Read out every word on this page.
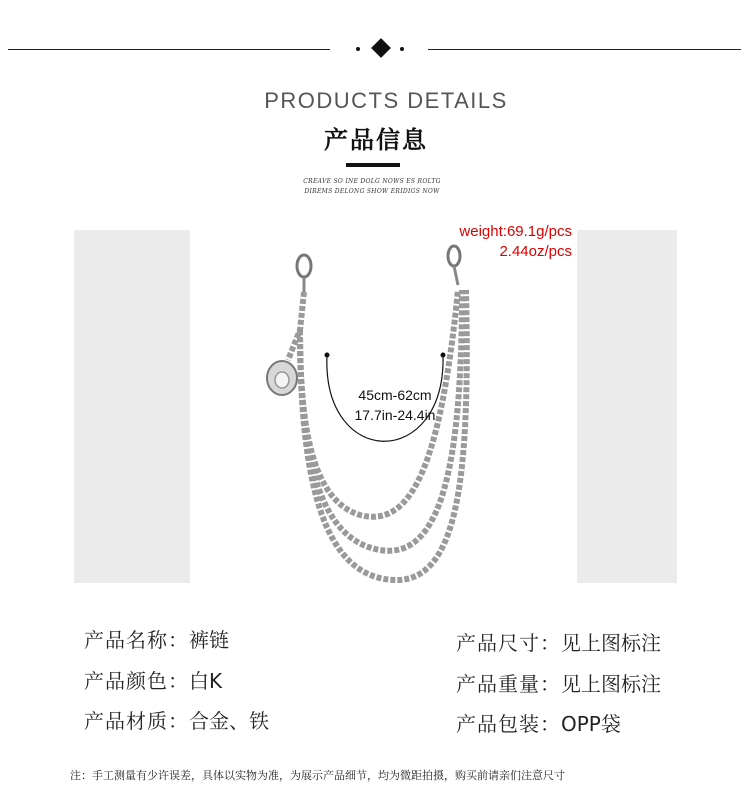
PRODUCTS DETAILS
产品信息
CREAVE SO INE DOLG NOWS ES ROLTG
DIREMS DELONG SHOW ERIDIGS NOW
weight:69.1g/pcs
2.44oz/pcs
45cm-62cm
17.7in-24.4in
产品名称：裤链
产品颜色：白K
产品材质：合金、铁
产品尺寸：见上图标注
产品重量：见上图标注
产品包装：OPP袋
注：手工测量有少许误差，具体以实物为准，为展示产品细节，均为微距拍摄，购买前请亲们注意尺寸
